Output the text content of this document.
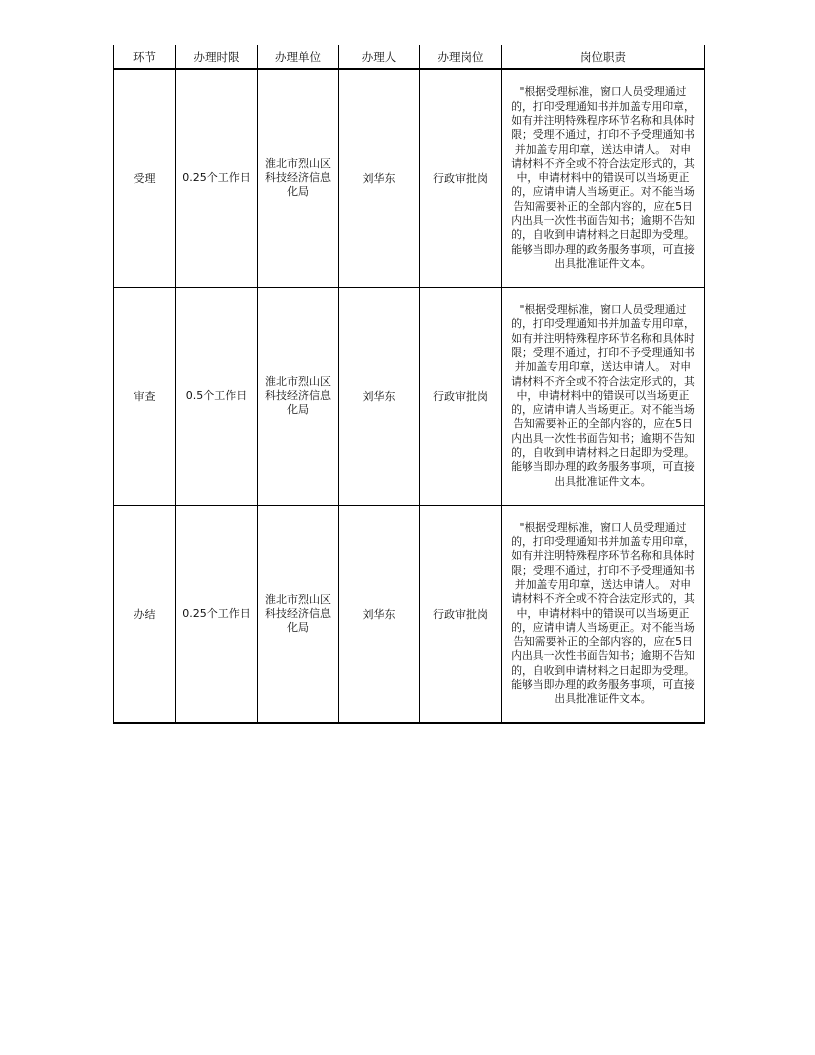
环节	办理时限	办理单位	办理人	办理岗位	岗位职责
受理	0.25个工作日	淮北市烈山区科技经济信息化局	刘华东	行政审批岗	"根据受理标准，窗口人员受理通过的，打印受理通知书并加盖专用印章，如有并注明特殊程序环节名称和具体时限；受理不通过，打印不予受理通知书并加盖专用印章，送达申请人。 对申请材料不齐全或不符合法定形式的，其中，申请材料中的错误可以当场更正的，应请申请人当场更正。对不能当场告知需要补正的全部内容的，应在5日内出具一次性书面告知书；逾期不告知的，自收到申请材料之日起即为受理。能够当即办理的政务服务事项，可直接出具批准证件文本。
审查	0.5个工作日	淮北市烈山区科技经济信息化局	刘华东	行政审批岗	"根据受理标准，窗口人员受理通过的，打印受理通知书并加盖专用印章，如有并注明特殊程序环节名称和具体时限；受理不通过，打印不予受理通知书并加盖专用印章，送达申请人。 对申请材料不齐全或不符合法定形式的，其中，申请材料中的错误可以当场更正的，应请申请人当场更正。对不能当场告知需要补正的全部内容的，应在5日内出具一次性书面告知书；逾期不告知的，自收到申请材料之日起即为受理。能够当即办理的政务服务事项，可直接出具批准证件文本。
办结	0.25个工作日	淮北市烈山区科技经济信息化局	刘华东	行政审批岗	"根据受理标准，窗口人员受理通过的，打印受理通知书并加盖专用印章，如有并注明特殊程序环节名称和具体时限；受理不通过，打印不予受理通知书并加盖专用印章，送达申请人。 对申请材料不齐全或不符合法定形式的，其中，申请材料中的错误可以当场更正的，应请申请人当场更正。对不能当场告知需要补正的全部内容的，应在5日内出具一次性书面告知书；逾期不告知的，自收到申请材料之日起即为受理。能够当即办理的政务服务事项，可直接出具批准证件文本。
